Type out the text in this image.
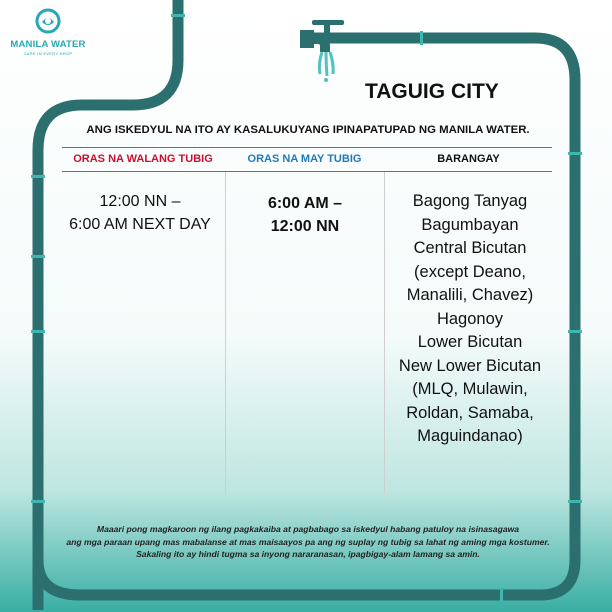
MANILA WATER
CARE IN EVERY DROP
TAGUIG CITY
ANG ISKEDYUL NA ITO AY KASALUKUYANG IPINAPATUPAD NG MANILA WATER.
ORAS NA WALANG TUBIG	ORAS NA MAY TUBIG	BARANGAY
12:00 NN –
6:00 AM NEXT DAY
6:00 AM –
12:00 NN
Bagong Tanyag
Bagumbayan
Central Bicutan
(except Deano,
Manalili, Chavez)
Hagonoy
Lower Bicutan
New Lower Bicutan
(MLQ, Mulawin,
Roldan, Samaba,
Maguindanao)
Maaari pong magkaroon ng ilang pagkakaiba at pagbabago sa iskedyul habang patuloy na isinasagawa
ang mga paraan upang mas mabalanse at mas maisaayos pa ang ng suplay ng tubig sa lahat ng aming mga kostumer.
Sakaling ito ay hindi tugma sa inyong nararanasan, ipagbigay-alam lamang sa amin.
